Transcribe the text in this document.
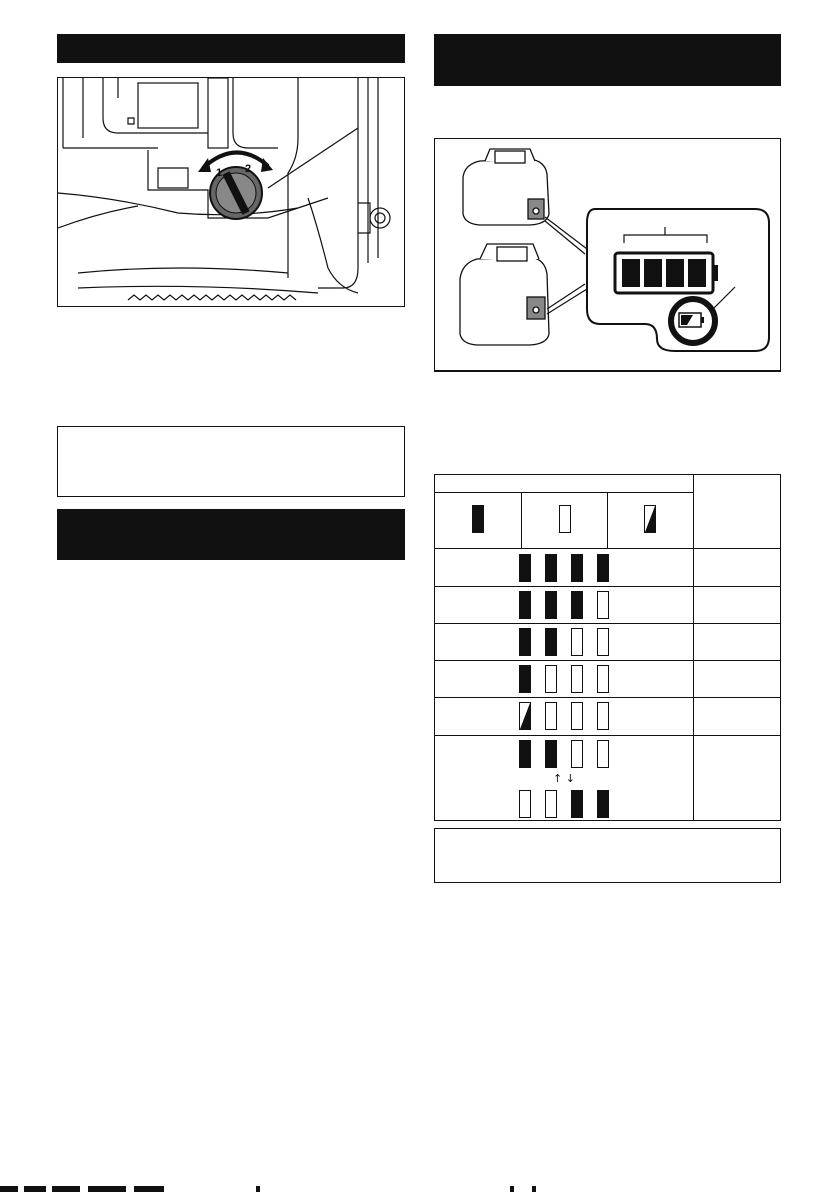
1 2
↑ ↓
